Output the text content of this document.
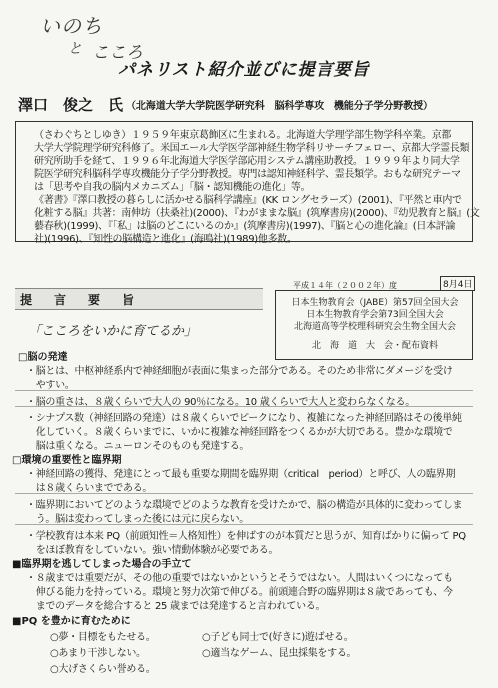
いのち
と こころ
パネリスト紹介並びに提言要旨
澤口　俊之　氏 （北海道大学大学院医学研究科　脳科学専攻　機能分子学分野教授）
（さわぐちとしゆき）１９５９年東京葛飾区に生まれる。北海道大学理学部生物学科卒業。京都
大学大学院理学研究科修了。米国エール大学医学部神経生物学科リサーチフェロー、京都大学霊長類
研究所助手を経て、１９９６年北海道大学医学部応用システム講座助教授。１９９９年より同大学
院医学研究科脳科学専攻機能分子学分野教授。専門は認知神経科学、霊長類学。おもな研究テーマ
は「思考や自我の脳内メカニズム」「脳・認知機能の進化」等。
《著書》『澤口教授の暮らしに活かせる脳科学講座』(KK ロングセラーズ）(2001)、『平然と車内で
化粧する脳』共著：南伸坊（扶桑社)(2000)、『わがままな脳』(筑摩書房)(2000)、『幼児教育と脳』(文
藝春秋)(1999)、『「私」は脳のどこにいるのか』(筑摩書房)(1997)、『脳と心の進化論』(日本評論
社)(1996)、『知性の脳構造と進化』(海鳴社)(1989)他多数。
提　言　要　旨
平成１４年（２００２年）度	8月4日
日本生物教育会（JABE）第57回全国大会
日本生物教育学会第73回全国大会
北海道高等学校理科研究会生物全国大会
北　海　道　大　会・配布資料
「こころをいかに育てるか」
□脳の発達
・脳とは、中枢神経系内で神経細胞が表面に集まった部分である。そのため非常にダメージを受け
　やすい。
・脳の重さは、８歳くらいで大人の 90％になる。10 歳くらいで大人と変わらなくなる。
・シナプス数（神経回路の発達）は８歳くらいでピークになり、複雑になった神経回路はその後単純
　化していく。８歳くらいまでに、いかに複雑な神経回路をつくるかが大切である。豊かな環境で
　脳は重くなる。ニューロンそのものも発達する。
□環境の重要性と臨界期
・神経回路の獲得、発達にとって最も重要な期間を臨界期（critical　period）と呼び、人の臨界期
　は８歳くらいまでである。
・臨界期においてどのような環境でどのような教育を受けたかで、脳の構造が具体的に変わってしま
　う。脳は変わってしまった後には元に戻らない。
・学校教育は本来 PQ（前頭知性＝人格知性）を伸ばすのが本質だと思うが、知育ばかりに偏って PQ
　をほぼ教育をしていない。強い情動体験が必要である。
■臨界期を逃してしまった場合の手立て
・８歳までは重要だが、その他の重要ではないかというとそうではない。人間はいくつになっても
　伸びる能力を持っている。環境と努力次第で伸びる。前頭連合野の臨界期は８歳であっても、今
　までのデータを総合すると 25 歳までは発達すると言われている。
■PQ を豊かに育むために
○夢・目標をもたせる。
○あまり干渉しない。
○大げさくらい誉める。
○子ども同士で(好きに)遊ばせる。
○適当なゲーム、昆虫採集をする。
